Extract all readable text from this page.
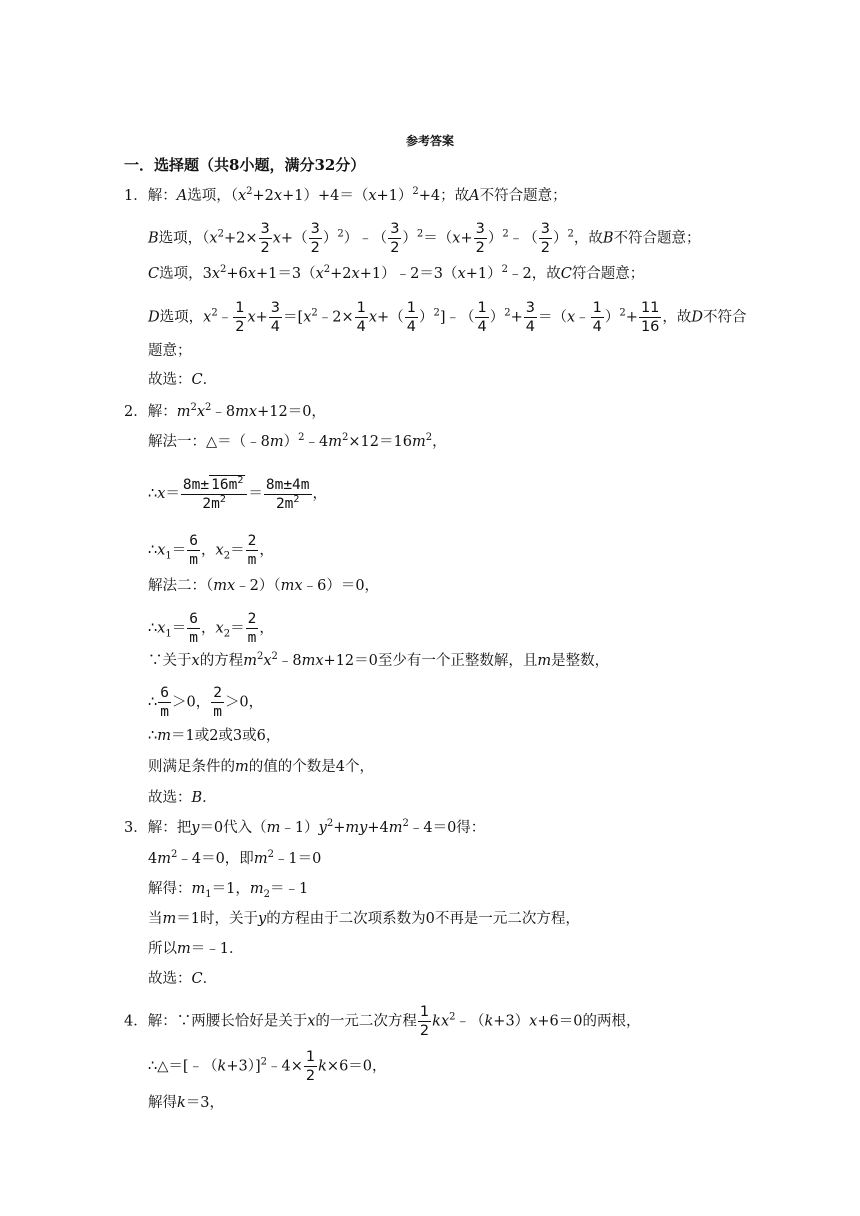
参考答案
一．选择题（共8小题，满分32分）
1．解：A选项，$(x^2+2x+1)+4=(x+1)^2+4$；故A不符合题意；
B选项，（$x^2+2\times \frac{3}{2} x+( \frac{3}{2}$ ）$^2)﹣( \frac{3}{2} )^2=(x+ \frac{3}{2}$ ）$^2﹣( \frac{3}{2} )^2$，故B不符合题意；
C选项，$3x^2+6x+1=3(x^2+2x+1)﹣2=3(x+1)^2﹣2$，故C符合题意；
D选项，$x^2﹣ \frac{1}{2} x+ \frac{3}{4}$ $=[x^2﹣2\times \frac{1}{4} x+( \frac{1}{4}$ ）$^2]﹣( \frac{1}{4} )^2+ \frac{3}{4}$ ＝（x﹣ $\frac{1}{4} )^2+ \frac{11}{16}$ ，故D不符合
题意；
故选：C．
2．解：$m^2x^2﹣8mx+12=0$，
解法一：$\triangle=(﹣8m)^2﹣4m^2\times 12=16m^2$，
∴x＝ $\frac{8m\pm 16m^2}{2m^2} = \frac{8m\pm 4m}{2m^2}$ ，
$\therefore x_1= \frac{6}{m}$ ，$x_2= \frac{2}{m}$ ，
解法二：（mx﹣2）（mx﹣6）＝0，
$\therefore x_1= \frac{6}{m}$ ，$x_2= \frac{2}{m}$ ，
∵关于x的方程$m^2x^2﹣8mx+12=0$至少有一个正整数解，且m是整数，
∴ $\frac{6}{m} >0$， $\frac{2}{m} >0$，
∴m＝1或2或3或6，
则满足条件的m的值的个数是4个，
故选：B．
3．解：把y＝0代入$(m﹣1)y^2+my+4m^2﹣4=0$得：
$4m^2﹣4=0$，即$m^2﹣1=0$
解得：$m_1=1$，$m_2=﹣1$
当m＝1时，关于y的方程由于二次项系数为0不再是一元二次方程，
所以m＝﹣1．
故选：C．
4．解：∵两腰长恰好是关于x的一元二次方程 $\frac{1}{2}$ $kx^2﹣(k+3)x+6=0$的两根，
∴△＝[﹣（k+3）]$^2$﹣4× $\frac{1}{2} k\times 6=0$，
解得k＝3，
